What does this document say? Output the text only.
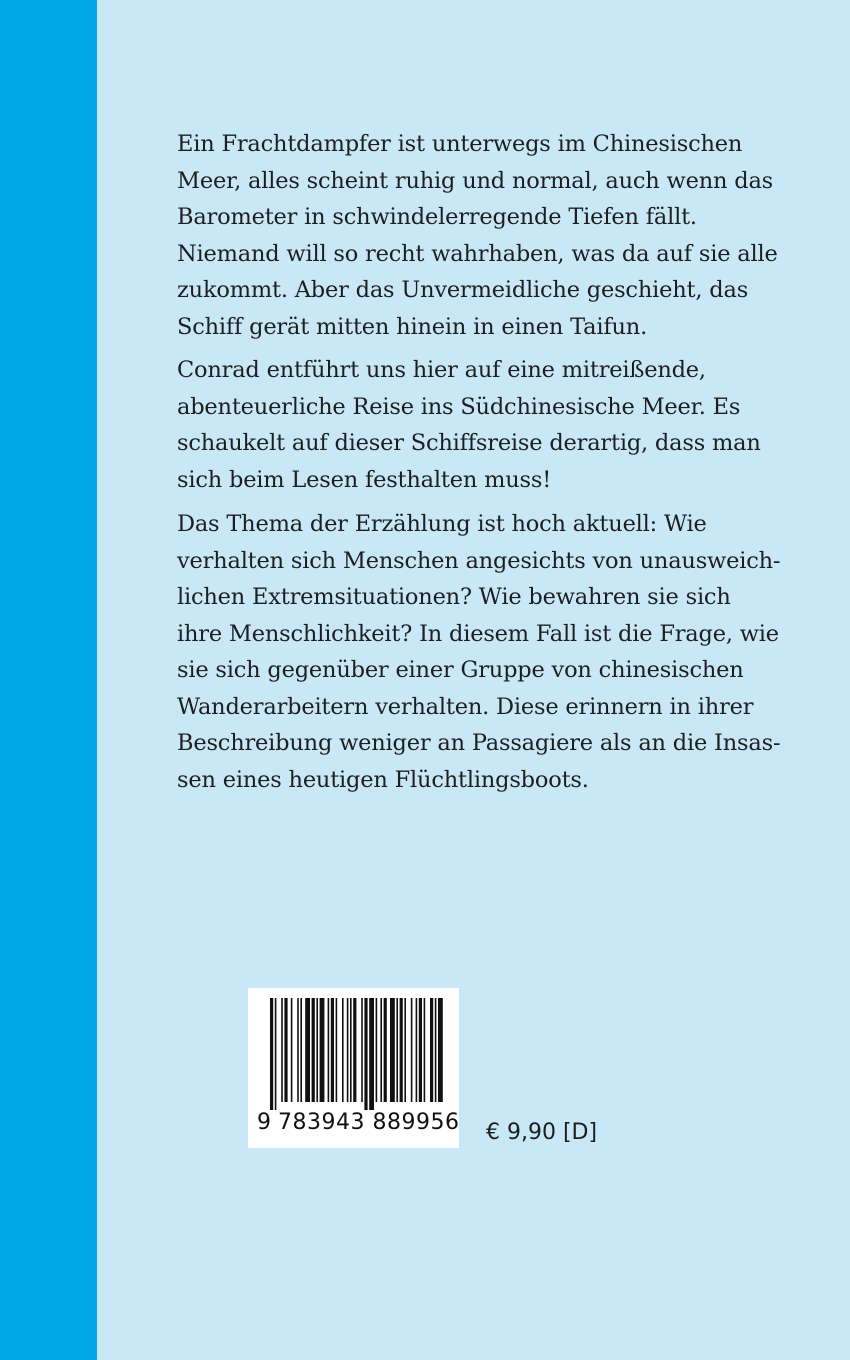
Ein Frachtdampfer ist unterwegs im Chinesischen
Meer, alles scheint ruhig und normal, auch wenn das
Barometer in schwindelerregende Tiefen fällt.
Niemand will so recht wahrhaben, was da auf sie alle
zukommt. Aber das Unvermeidliche geschieht, das
Schiff gerät mitten hinein in einen Taifun.
Conrad entführt uns hier auf eine mitreißende,
abenteuerliche Reise ins Südchinesische Meer. Es
schaukelt auf dieser Schiffsreise derartig, dass man
sich beim Lesen festhalten muss!
Das Thema der Erzählung ist hoch aktuell: Wie
verhalten sich Menschen angesichts von unausweich-
lichen Extremsituationen? Wie bewahren sie sich
ihre Menschlichkeit? In diesem Fall ist die Frage, wie
sie sich gegenüber einer Gruppe von chinesischen
Wanderarbeitern verhalten. Diese erinnern in ihrer
Beschreibung weniger an Passagiere als an die Insas-
sen eines heutigen Flüchtlingsboots.
9 783943 889956 € 9,90 [D]
